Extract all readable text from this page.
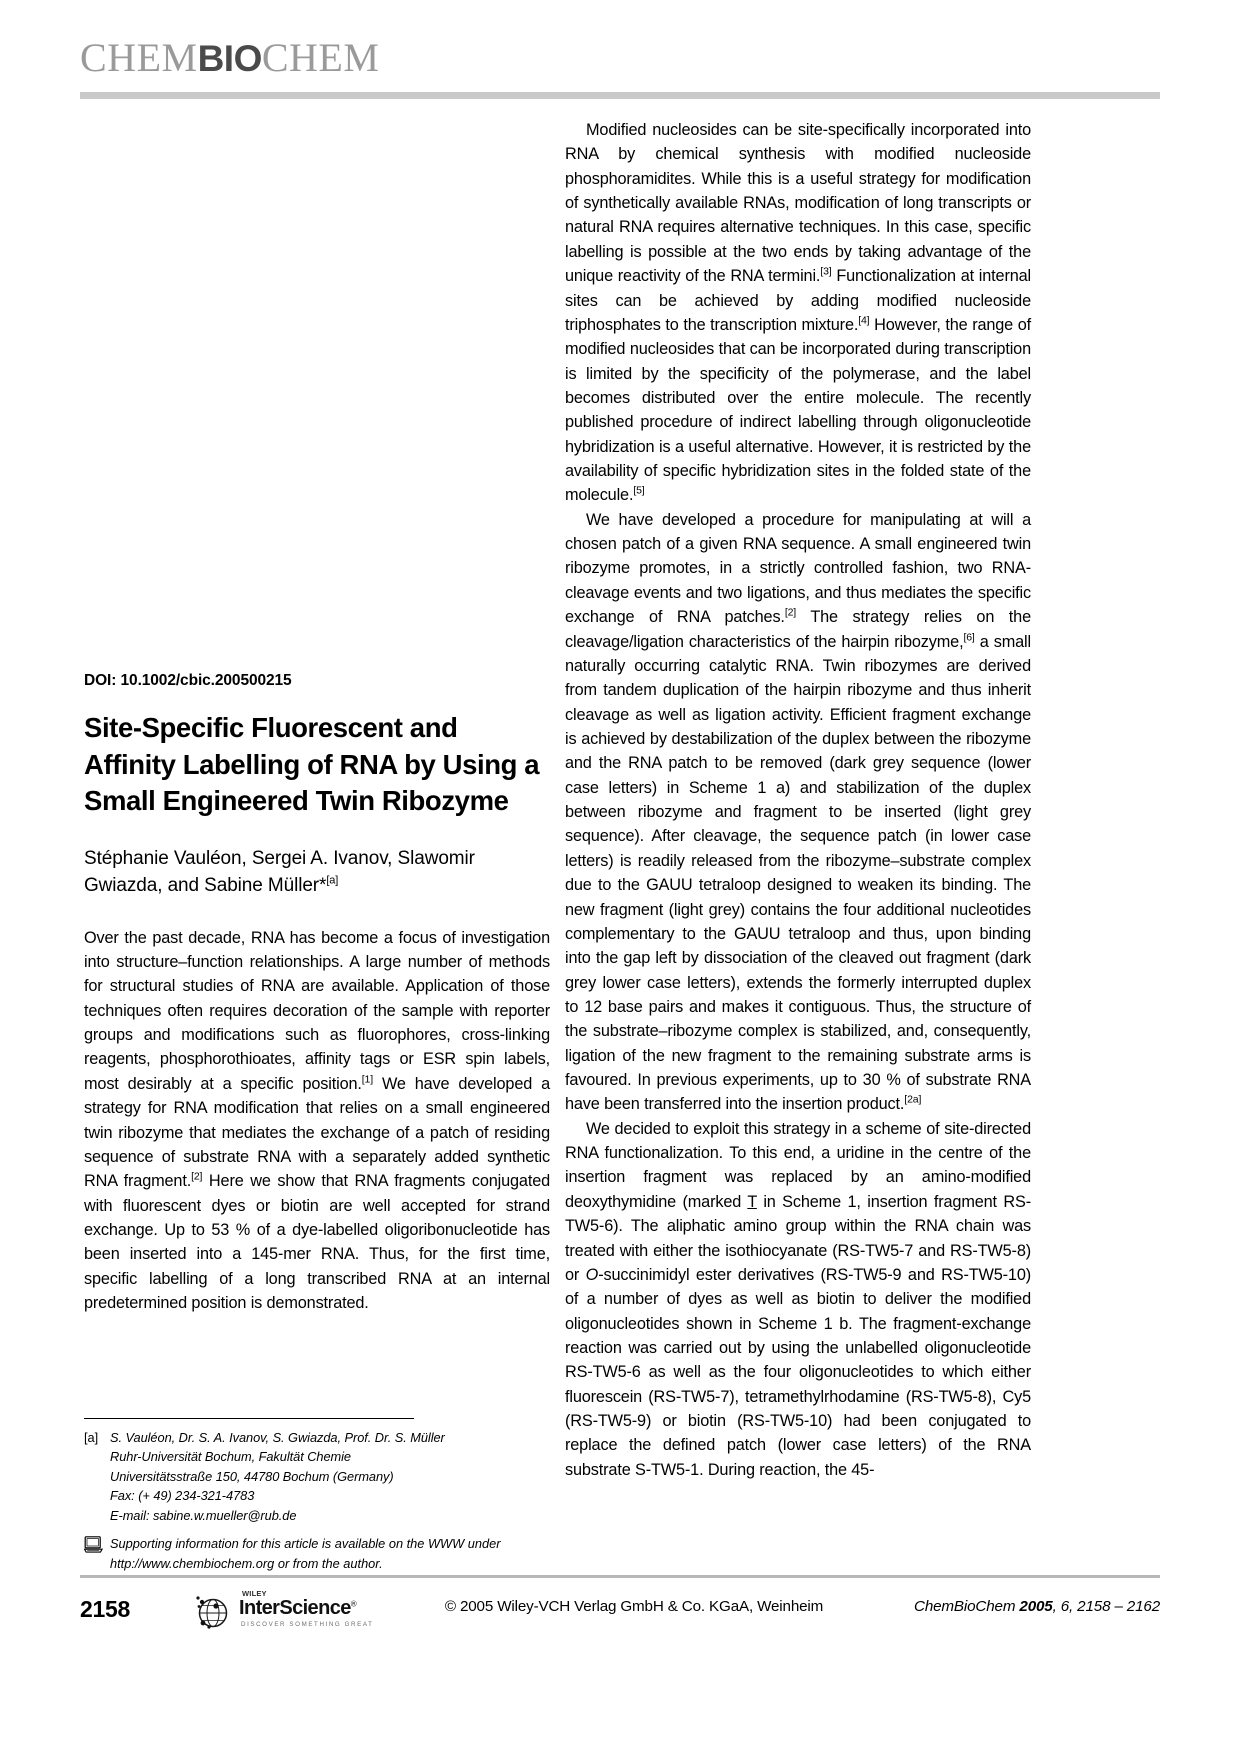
CHEMBIOCHEM

DOI: 10.1002/cbic.200500215

Site-Specific Fluorescent and Affinity Labelling of RNA by Using a Small Engineered Twin Ribozyme

Stéphanie Vauléon, Sergei A. Ivanov, Slawomir Gwiazda, and Sabine Müller*[a]

Over the past decade, RNA has become a focus of investigation into structure–function relationships. A large number of methods for structural studies of RNA are available. Application of those techniques often requires decoration of the sample with reporter groups and modifications such as fluorophores, cross-linking reagents, phosphorothioates, affinity tags or ESR spin labels, most desirably at a specific position.[1] We have developed a strategy for RNA modification that relies on a small engineered twin ribozyme that mediates the exchange of a patch of residing sequence of substrate RNA with a separately added synthetic RNA fragment.[2] Here we show that RNA fragments conjugated with fluorescent dyes or biotin are well accepted for strand exchange. Up to 53 % of a dye-labelled oligoribonucleotide has been inserted into a 145-mer RNA. Thus, for the first time, specific labelling of a long transcribed RNA at an internal predetermined position is demonstrated.

[a] S. Vauléon, Dr. S. A. Ivanov, S. Gwiazda, Prof. Dr. S. Müller
Ruhr-Universität Bochum, Fakultät Chemie
Universitätsstraße 150, 44780 Bochum (Germany)
Fax: (+ 49) 234-321-4783
E-mail: sabine.w.mueller@rub.de
Supporting information for this article is available on the WWW under
http://www.chembiochem.org or from the author.

Modified nucleosides can be site-specifically incorporated into RNA by chemical synthesis with modified nucleoside phosphoramidites. While this is a useful strategy for modification of synthetically available RNAs, modification of long transcripts or natural RNA requires alternative techniques. In this case, specific labelling is possible at the two ends by taking advantage of the unique reactivity of the RNA termini.[3] Functionalization at internal sites can be achieved by adding modified nucleoside triphosphates to the transcription mixture.[4] However, the range of modified nucleosides that can be incorporated during transcription is limited by the specificity of the polymerase, and the label becomes distributed over the entire molecule. The recently published procedure of indirect labelling through oligonucleotide hybridization is a useful alternative. However, it is restricted by the availability of specific hybridization sites in the folded state of the molecule.[5]

We have developed a procedure for manipulating at will a chosen patch of a given RNA sequence. A small engineered twin ribozyme promotes, in a strictly controlled fashion, two RNA-cleavage events and two ligations, and thus mediates the specific exchange of RNA patches.[2] The strategy relies on the cleavage/ligation characteristics of the hairpin ribozyme,[6] a small naturally occurring catalytic RNA. Twin ribozymes are derived from tandem duplication of the hairpin ribozyme and thus inherit cleavage as well as ligation activity. Efficient fragment exchange is achieved by destabilization of the duplex between the ribozyme and the RNA patch to be removed (dark grey sequence (lower case letters) in Scheme 1 a) and stabilization of the duplex between ribozyme and fragment to be inserted (light grey sequence). After cleavage, the sequence patch (in lower case letters) is readily released from the ribozyme–substrate complex due to the GAUU tetraloop designed to weaken its binding. The new fragment (light grey) contains the four additional nucleotides complementary to the GAUU tetraloop and thus, upon binding into the gap left by dissociation of the cleaved out fragment (dark grey lower case letters), extends the formerly interrupted duplex to 12 base pairs and makes it contiguous. Thus, the structure of the substrate–ribozyme complex is stabilized, and, consequently, ligation of the new fragment to the remaining substrate arms is favoured. In previous experiments, up to 30 % of substrate RNA have been transferred into the insertion product.[2a]

We decided to exploit this strategy in a scheme of site-directed RNA functionalization. To this end, a uridine in the centre of the insertion fragment was replaced by an amino-modified deoxythymidine (marked T in Scheme 1, insertion fragment RS-TW5-6). The aliphatic amino group within the RNA chain was treated with either the isothiocyanate (RS-TW5-7 and RS-TW5-8) or O-succinimidyl ester derivatives (RS-TW5-9 and RS-TW5-10) of a number of dyes as well as biotin to deliver the modified oligonucleotides shown in Scheme 1 b. The fragment-exchange reaction was carried out by using the unlabelled oligonucleotide RS-TW5-6 as well as the four oligonucleotides to which either fluorescein (RS-TW5-7), tetramethylrhodamine (RS-TW5-8), Cy5 (RS-TW5-9) or biotin (RS-TW5-10) had been conjugated to replace the defined patch (lower case letters) of the RNA substrate S-TW5-1. During reaction, the 45-

2158
WILEY
InterScience®
DISCOVER SOMETHING GREAT
© 2005 Wiley-VCH Verlag GmbH & Co. KGaA, Weinheim	ChemBioChem 2005, 6, 2158 – 2162
